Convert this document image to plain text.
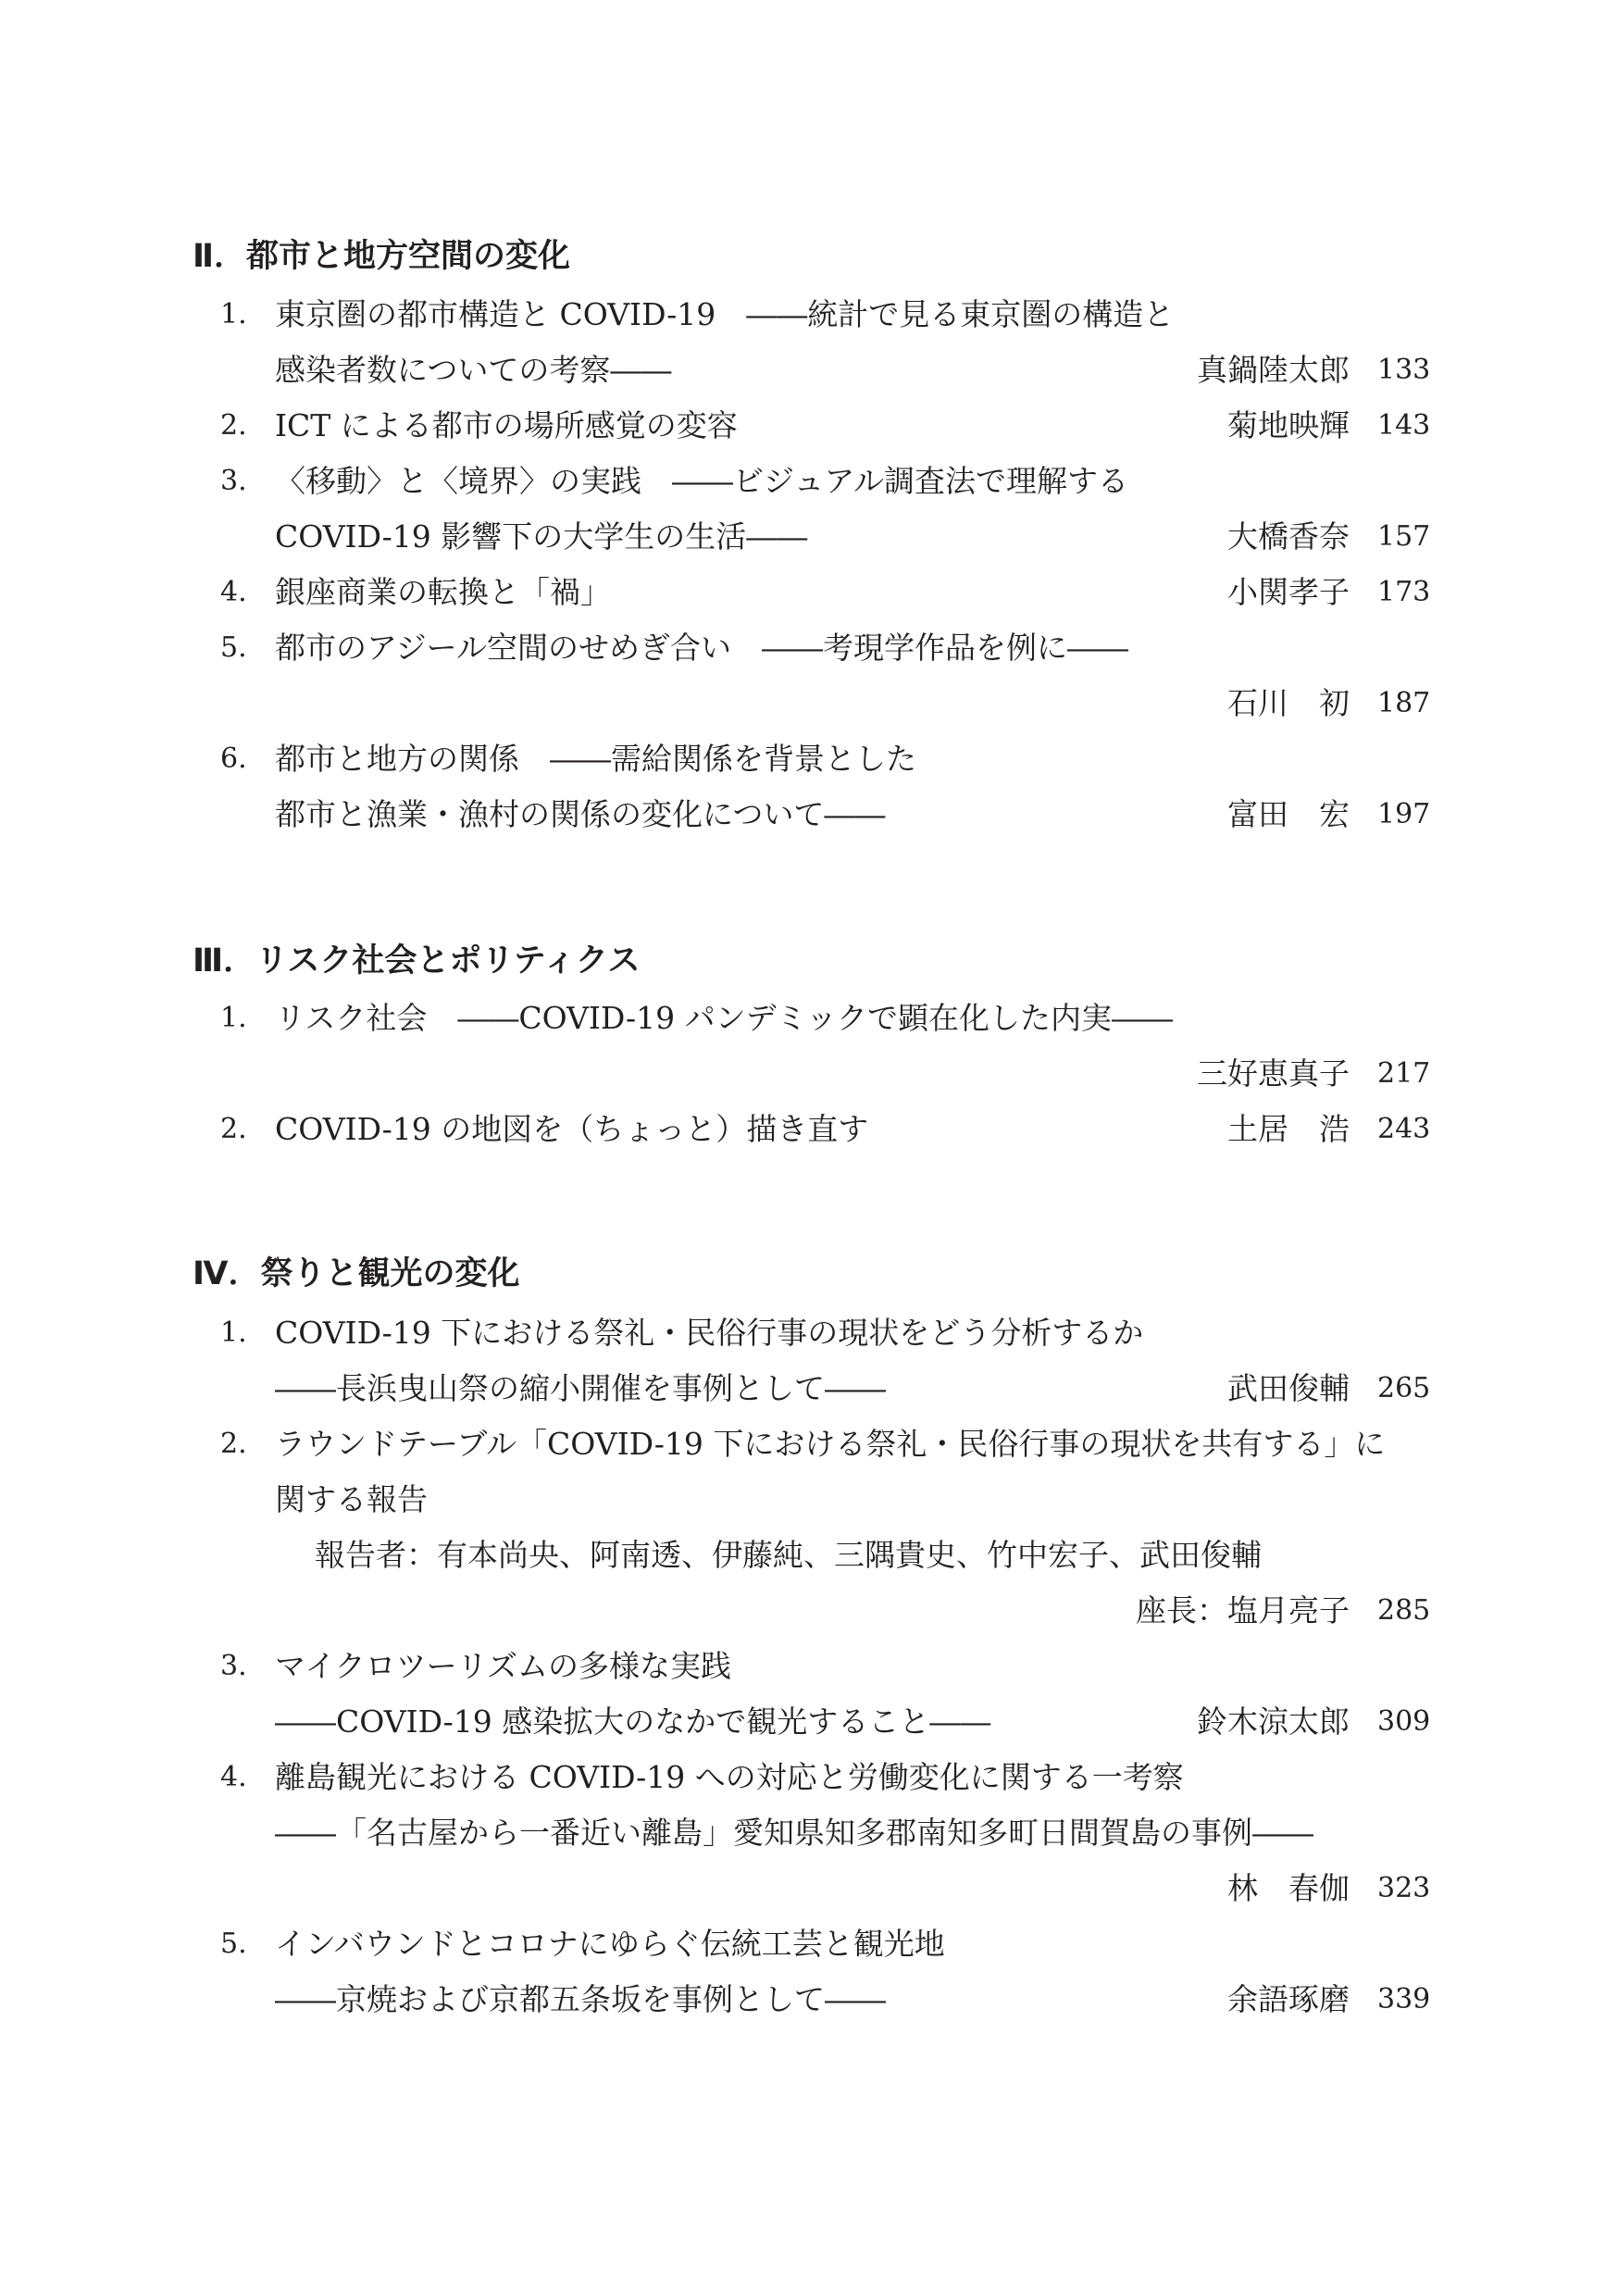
Ⅱ．都市と地方空間の変化
1. 東京圏の都市構造と COVID-19　 ――統計で見る東京圏の構造と
感染者数についての考察――	真鍋陸太郎 133
2. ICT による都市の場所感覚の変容	菊地映輝 143
3. 〈移動〉と〈境界〉の実践　 ――ビジュアル調査法で理解する
COVID-19 影響下の大学生の生活――	大橋香奈 157
4. 銀座商業の転換と「禍」	小関孝子 173
5. 都市のアジール空間のせめぎ合い　 ――考現学作品を例に――
石川　初 187
6. 都市と地方の関係　 ――需給関係を背景とした
都市と漁業・漁村の関係の変化について――	富田　宏 197
Ⅲ．リスク社会とポリティクス
1. リスク社会　 ――COVID-19 パンデミックで顕在化した内実――
三好恵真子 217
2. COVID-19 の地図を（ちょっと）描き直す	土居　浩 243
Ⅳ．祭りと観光の変化
1. COVID-19 下における祭礼・民俗行事の現状をどう分析するか
――長浜曳山祭の縮小開催を事例として――	武田俊輔 265
2. ラウンドテーブル「COVID-19 下における祭礼・民俗行事の現状を共有する」に
関する報告
報告者：有本尚央、阿南透、伊藤純、三隅貴史、竹中宏子、武田俊輔
座長：塩月亮子 285
3. マイクロツーリズムの多様な実践
――COVID-19 感染拡大のなかで観光すること――	鈴木涼太郎 309
4. 離島観光における COVID-19 への対応と労働変化に関する一考察
――「名古屋から一番近い離島」愛知県知多郡南知多町日間賀島の事例――
林　春伽 323
5. インバウンドとコロナにゆらぐ伝統工芸と観光地
――京焼および京都五条坂を事例として――	余語琢磨 339
